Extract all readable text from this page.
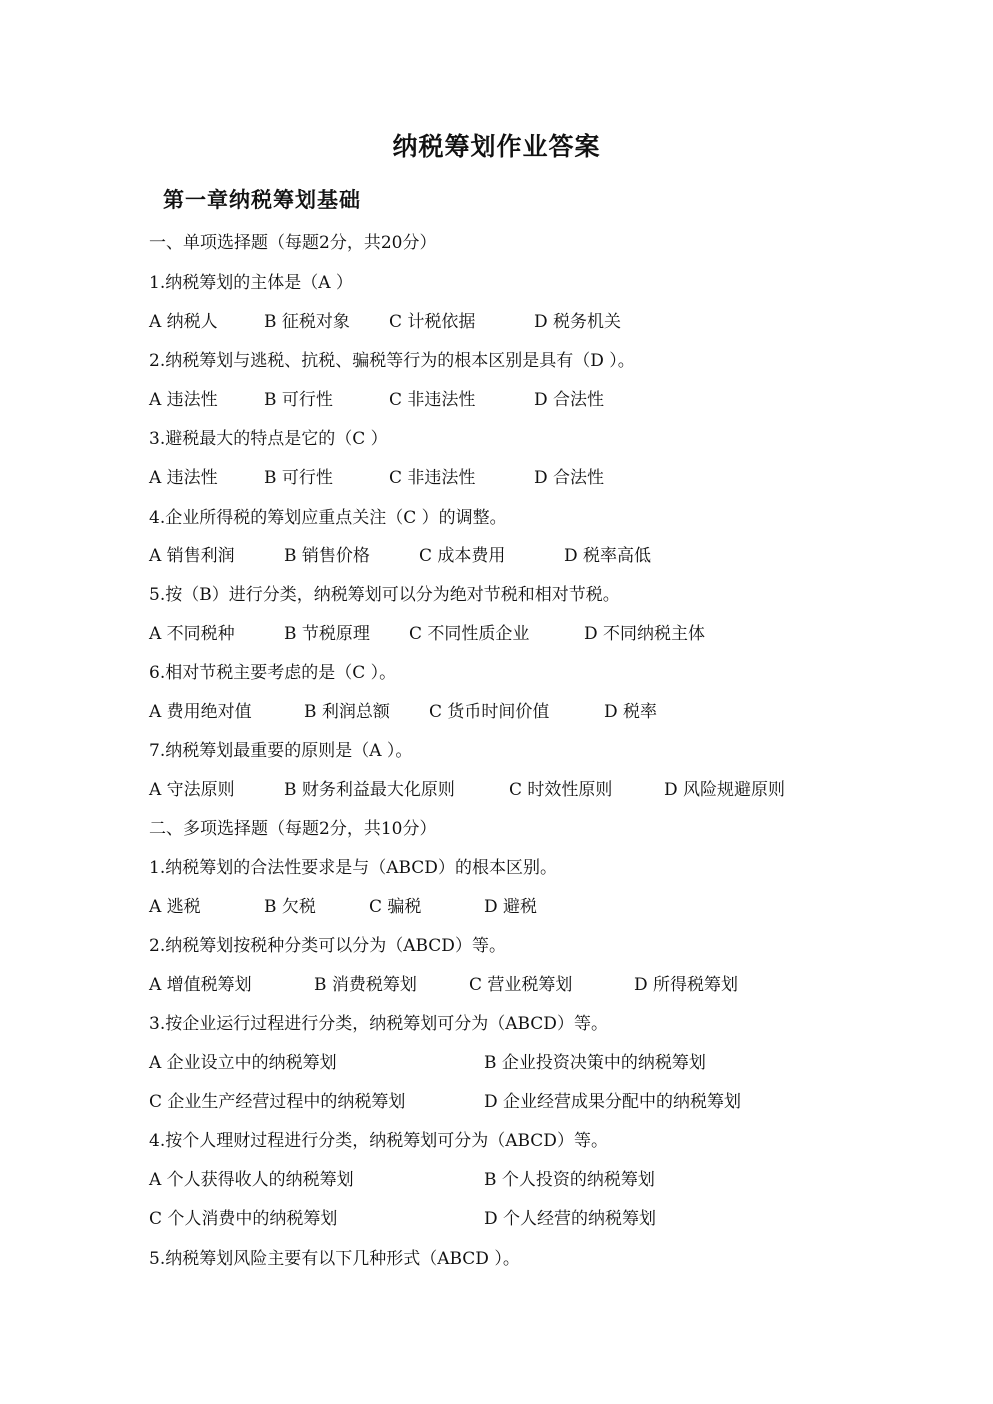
纳税筹划作业答案
第一章纳税筹划基础
一、单项选择题（每题2分，共20分）
1.纳税筹划的主体是（A ）
A 纳税人	B 征税对象 C 计税依据	D 税务机关
2.纳税筹划与逃税、抗税、骗税等行为的根本区别是具有（D ）。
A 违法性	B 可行性	C 非违法性	D 合法性
3.避税最大的特点是它的（C ）
A 违法性	B 可行性	C 非违法性	D 合法性
4.企业所得税的筹划应重点关注（C ）的调整。
A 销售利润	B 销售价格	C 成本费用	D 税率高低
5.按（B）进行分类，纳税筹划可以分为绝对节税和相对节税。
A 不同税种	B 节税原理 C 不同性质企业	D 不同纳税主体
6.相对节税主要考虑的是（C ）。
A 费用绝对值	B 利润总额 C 货币时间价值	D 税率
7.纳税筹划最重要的原则是（A ）。
A 守法原则	B 财务利益最大化原则	C 时效性原则	D 风险规避原则
二、多项选择题（每题2分，共10分）
1.纳税筹划的合法性要求是与（ABCD）的根本区别。
A 逃税	B 欠税	C 骗税	D 避税
2.纳税筹划按税种分类可以分为（ABCD）等。
A 增值税筹划	B 消费税筹划	C 营业税筹划	D 所得税筹划
3.按企业运行过程进行分类，纳税筹划可分为（ABCD）等。
A 企业设立中的纳税筹划	B 企业投资决策中的纳税筹划
C 企业生产经营过程中的纳税筹划	D 企业经营成果分配中的纳税筹划
4.按个人理财过程进行分类，纳税筹划可分为（ABCD）等。
A 个人获得收人的纳税筹划	B 个人投资的纳税筹划
C 个人消费中的纳税筹划	D 个人经营的纳税筹划
5.纳税筹划风险主要有以下几种形式（ABCD ）。
